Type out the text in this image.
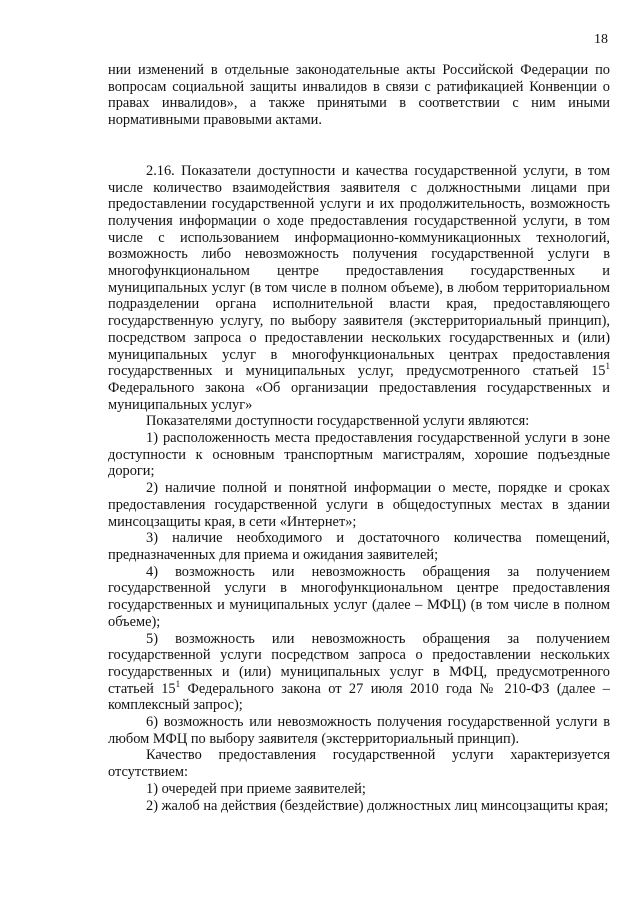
18

нии изменений в отдельные законодательные акты Российской Федерации по вопросам социальной защиты инвалидов в связи с ратификацией Конвенции о правах инвалидов», а также принятыми в соответствии с ним иными нормативными правовыми актами.

2.16. Показатели доступности и качества государственной услуги, в том числе количество взаимодействия заявителя с должностными лицами при предоставлении государственной услуги и их продолжительность, возможность получения информации о ходе предоставления государственной услуги, в том числе с использованием информационно-коммуникационных технологий, возможность либо невозможность получения государственной услуги в многофункциональном центре предоставления государственных и муниципальных услуг (в том числе в полном объеме), в любом территориальном подразделении органа исполнительной власти края, предоставляющего государственную услугу, по выбору заявителя (экстерриториальный принцип), посредством запроса о предоставлении нескольких государственных и (или) муниципальных услуг в многофункциональных центрах предоставления государственных и муниципальных услуг, предусмотренного статьей $15^1$ Федерального закона «Об организации предоставления государственных и муниципальных услуг»

Показателями доступности государственной услуги являются:

1) расположенность места предоставления государственной услуги в зоне доступности к основным транспортным магистралям, хорошие подъездные дороги;

2) наличие полной и понятной информации о месте, порядке и сроках предоставления государственной услуги в общедоступных местах в здании минсоцзащиты края, в сети «Интернет»;

3) наличие необходимого и достаточного количества помещений, предназначенных для приема и ожидания заявителей;

4) возможность или невозможность обращения за получением государственной услуги в многофункциональном центре предоставления государственных и муниципальных услуг (далее – МФЦ) (в том числе в полном объеме);

5) возможность или невозможность обращения за получением государственной услуги посредством запроса о предоставлении нескольких государственных и (или) муниципальных услуг в МФЦ, предусмотренного статьей $15^1$ Федерального закона от 27 июля 2010 года № 210-ФЗ (далее – комплексный запрос);

6) возможность или невозможность получения государственной услуги в любом МФЦ по выбору заявителя (экстерриториальный принцип).

Качество предоставления государственной услуги характеризуется отсутствием:

1) очередей при приеме заявителей;

2) жалоб на действия (бездействие) должностных лиц минсоцзащиты края;
